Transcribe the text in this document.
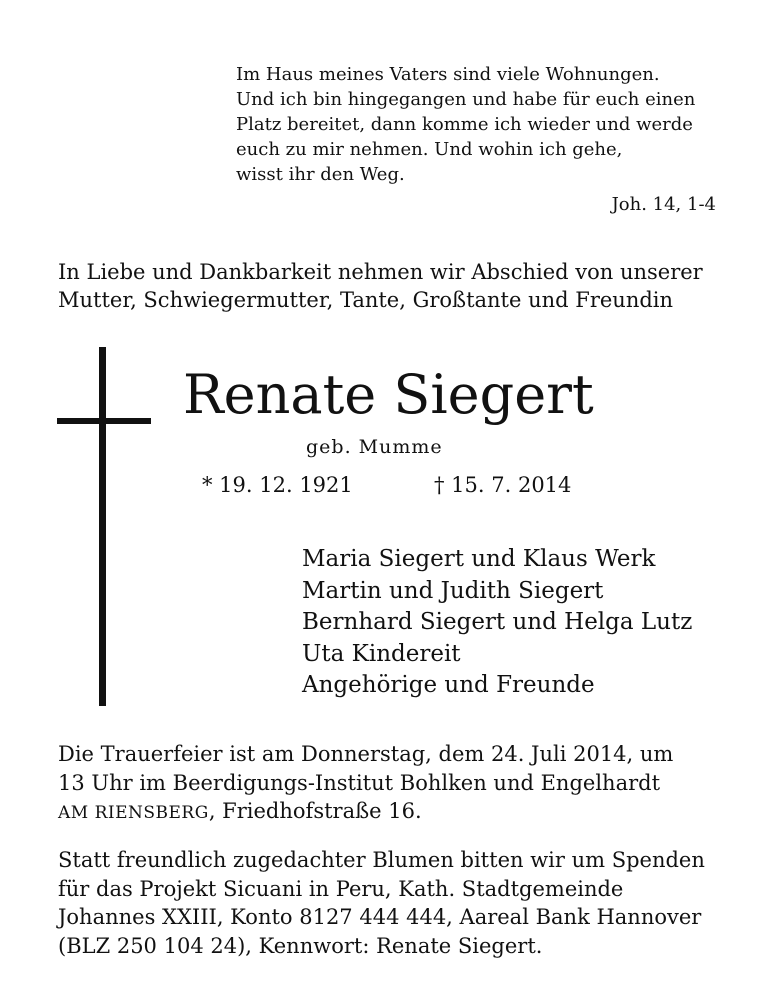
Im Haus meines Vaters sind viele Wohnungen.
Und ich bin hingegangen und habe für euch einen
Platz bereitet, dann komme ich wieder und werde
euch zu mir nehmen. Und wohin ich gehe,
wisst ihr den Weg.
Joh. 14, 1-4
In Liebe und Dankbarkeit nehmen wir Abschied von unserer
Mutter, Schwiegermutter, Tante, Großtante und Freundin
Renate Siegert
geb. Mumme
* 19. 12. 1921	† 15. 7. 2014
Maria Siegert und Klaus Werk
Martin und Judith Siegert
Bernhard Siegert und Helga Lutz
Uta Kindereit
Angehörige und Freunde
Die Trauerfeier ist am Donnerstag, dem 24. Juli 2014, um
13 Uhr im Beerdigungs-Institut Bohlken und Engelhardt
AM RIENSBERG, Friedhofstraße 16.
Statt freundlich zugedachter Blumen bitten wir um Spenden
für das Projekt Sicuani in Peru, Kath. Stadtgemeinde
Johannes XXIII, Konto 8127 444 444, Aareal Bank Hannover
(BLZ 250 104 24), Kennwort: Renate Siegert.
